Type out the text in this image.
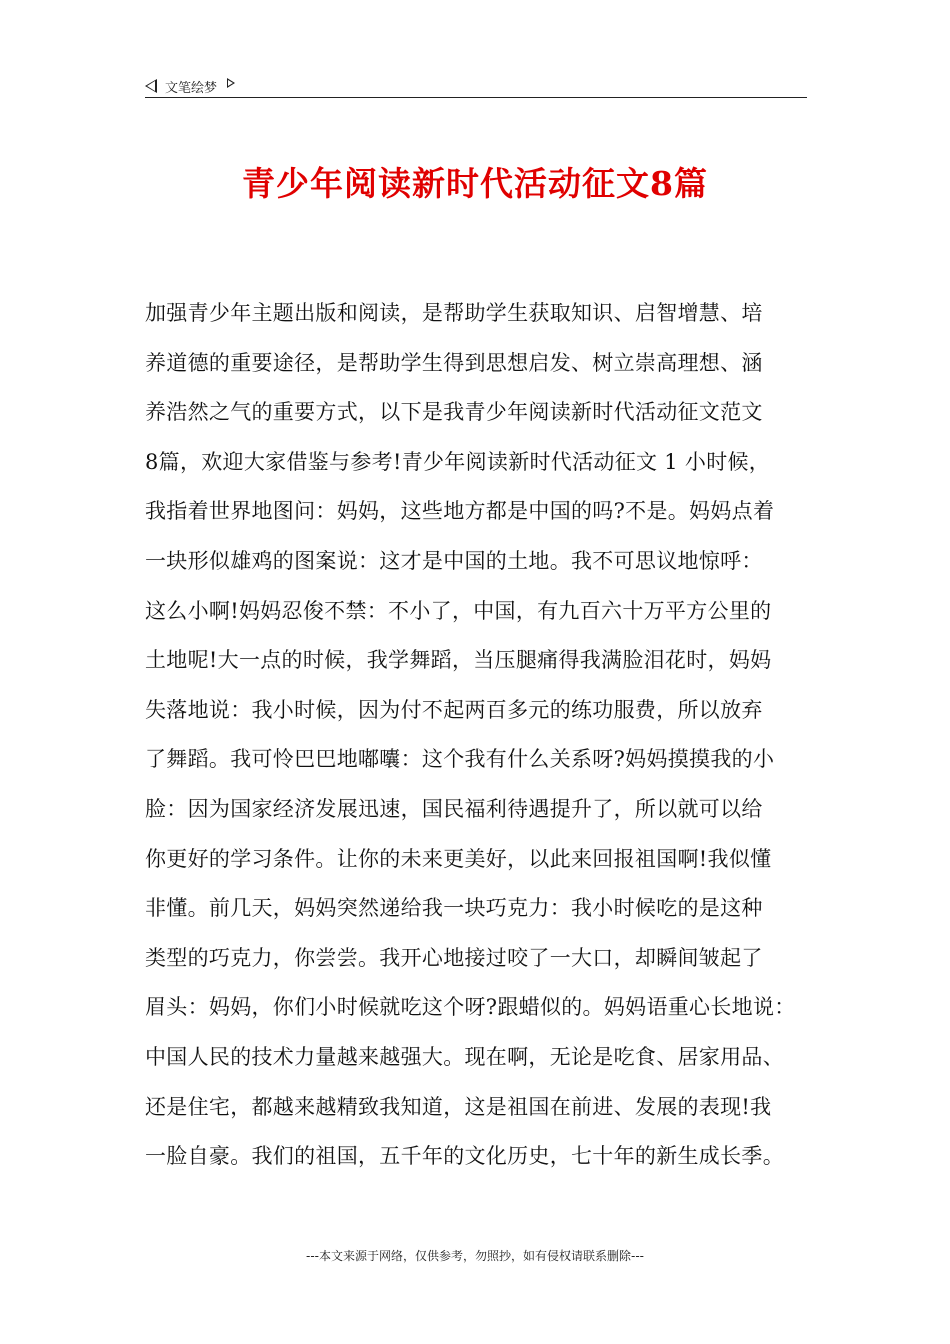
文笔绘梦
青少年阅读新时代活动征文8篇
加强青少年主题出版和阅读，是帮助学生获取知识、启智增慧、培
养道德的重要途径，是帮助学生得到思想启发、树立崇高理想、涵
养浩然之气的重要方式，以下是我青少年阅读新时代活动征文范文
8篇，欢迎大家借鉴与参考!青少年阅读新时代活动征文 1 小时候，
我指着世界地图问：妈妈，这些地方都是中国的吗?不是。妈妈点着
一块形似雄鸡的图案说：这才是中国的土地。我不可思议地惊呼：
这么小啊!妈妈忍俊不禁：不小了，中国，有九百六十万平方公里的
土地呢!大一点的时候，我学舞蹈，当压腿痛得我满脸泪花时，妈妈
失落地说：我小时候，因为付不起两百多元的练功服费，所以放弃
了舞蹈。我可怜巴巴地嘟囔：这个我有什么关系呀?妈妈摸摸我的小
脸：因为国家经济发展迅速，国民福利待遇提升了，所以就可以给
你更好的学习条件。让你的未来更美好，以此来回报祖国啊!我似懂
非懂。前几天，妈妈突然递给我一块巧克力：我小时候吃的是这种
类型的巧克力，你尝尝。我开心地接过咬了一大口，却瞬间皱起了
眉头：妈妈，你们小时候就吃这个呀?跟蜡似的。妈妈语重心长地说：
中国人民的技术力量越来越强大。现在啊，无论是吃食、居家用品、
还是住宅，都越来越精致我知道，这是祖国在前进、发展的表现!我
一脸自豪。我们的祖国，五千年的文化历史，七十年的新生成长季。
---本文来源于网络，仅供参考，勿照抄，如有侵权请联系删除---
